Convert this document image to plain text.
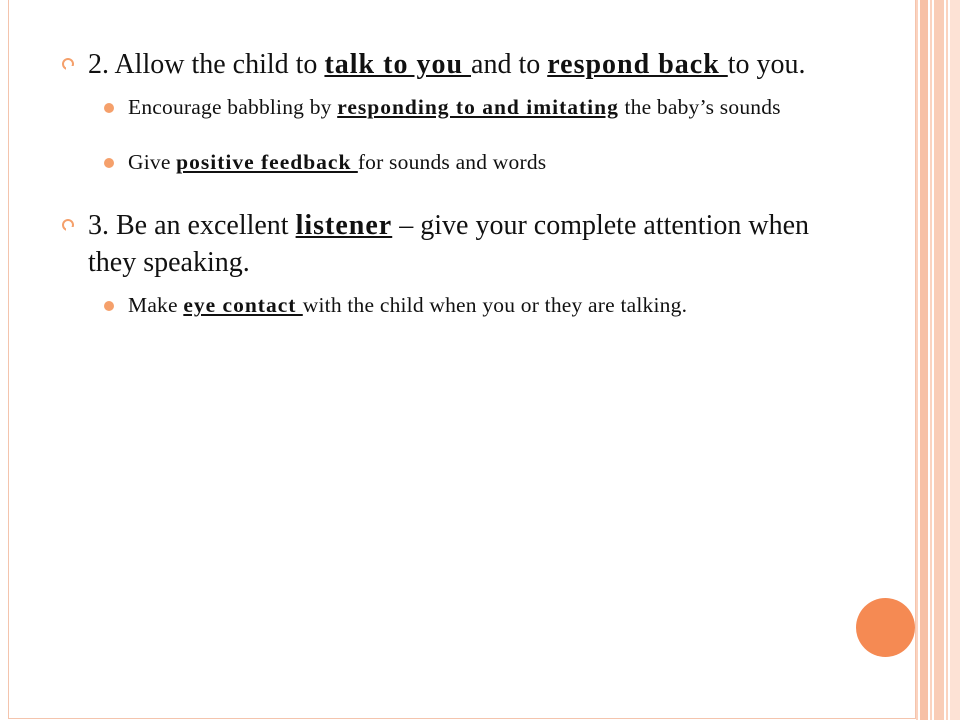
2. Allow the child to talk to you and to respond back to you.
Encourage babbling by responding to and imitating the baby’s sounds
Give positive feedback for sounds and words
3. Be an excellent listener – give your complete attention when they speaking.
Make eye contact with the child when you or they are talking.
